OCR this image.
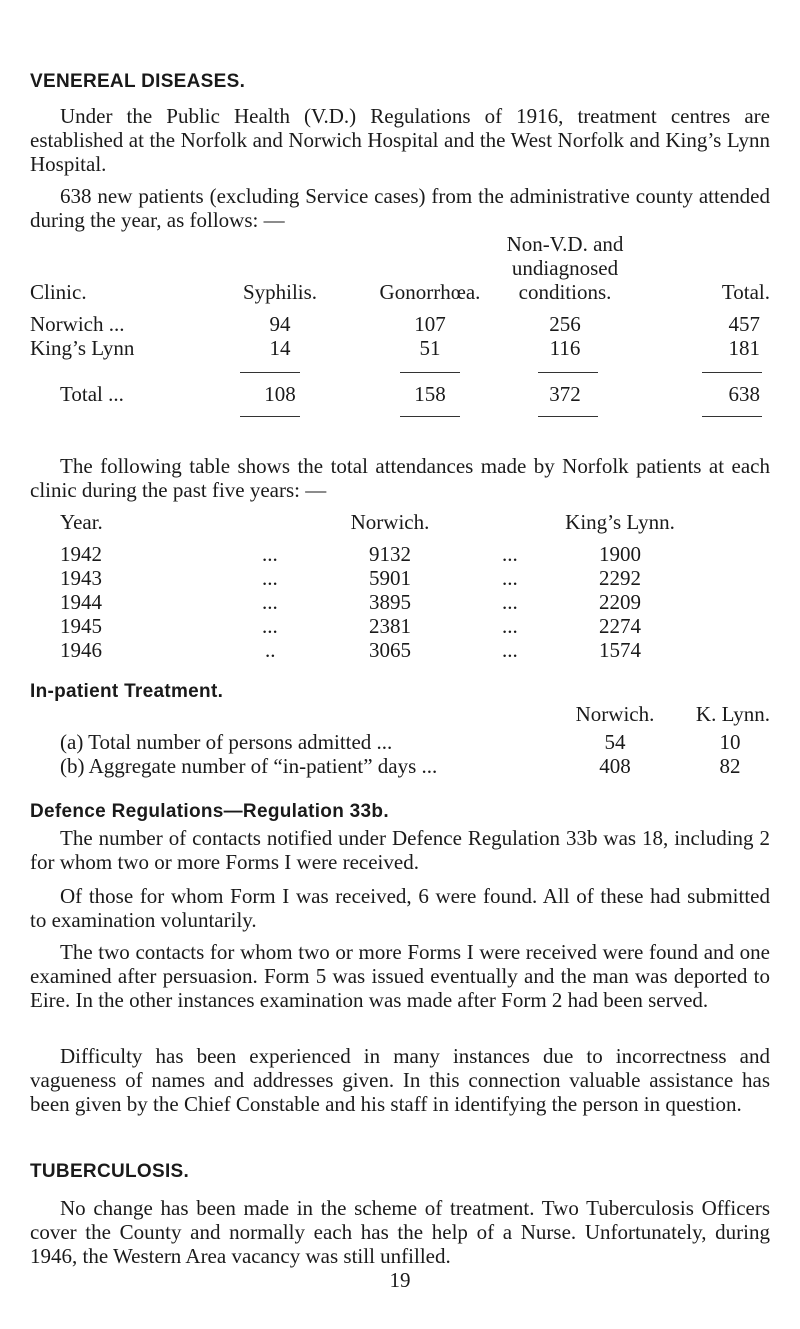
VENEREAL DISEASES.
Under the Public Health (V.D.) Regulations of 1916, treatment centres are established at the Norfolk and Norwich Hospital and the West Norfolk and King’s Lynn Hospital.
638 new patients (excluding Service cases) from the administrative county attended during the year, as follows: —
Non-V.D. and
undiagnosed
Clinic.	Syphilis.	Gonorrhœa.	conditions.	Total.
Norwich ...	94	107	256	457
King’s Lynn	14	51	116	181
Total ...	108	158	372	638
The following table shows the total attendances made by Norfolk patients at each clinic during the past five years: —
Year.	Norwich.	King’s Lynn.
1942	...	9132	...	1900
1943	...	5901	...	2292
1944	...	3895	...	2209
1945	...	2381	...	2274
1946	..	3065	...	1574
In-patient Treatment.
Norwich.	K. Lynn.
(a) Total number of persons admitted ...	54	10
(b) Aggregate number of “in-patient” days ...	408	82
Defence Regulations—Regulation 33b.
The number of contacts notified under Defence Regulation 33b was 18, including 2 for whom two or more Forms I were received.
Of those for whom Form I was received, 6 were found. All of these had submitted to examination voluntarily.
The two contacts for whom two or more Forms I were received were found and one examined after persuasion. Form 5 was issued eventually and the man was deported to Eire. In the other instances examination was made after Form 2 had been served.
Difficulty has been experienced in many instances due to incorrectness and vagueness of names and addresses given. In this connection valuable assistance has been given by the Chief Constable and his staff in identifying the person in question.
TUBERCULOSIS.
No change has been made in the scheme of treatment. Two Tuberculosis Officers cover the County and normally each has the help of a Nurse. Unfortunately, during 1946, the Western Area vacancy was still unfilled.
19
